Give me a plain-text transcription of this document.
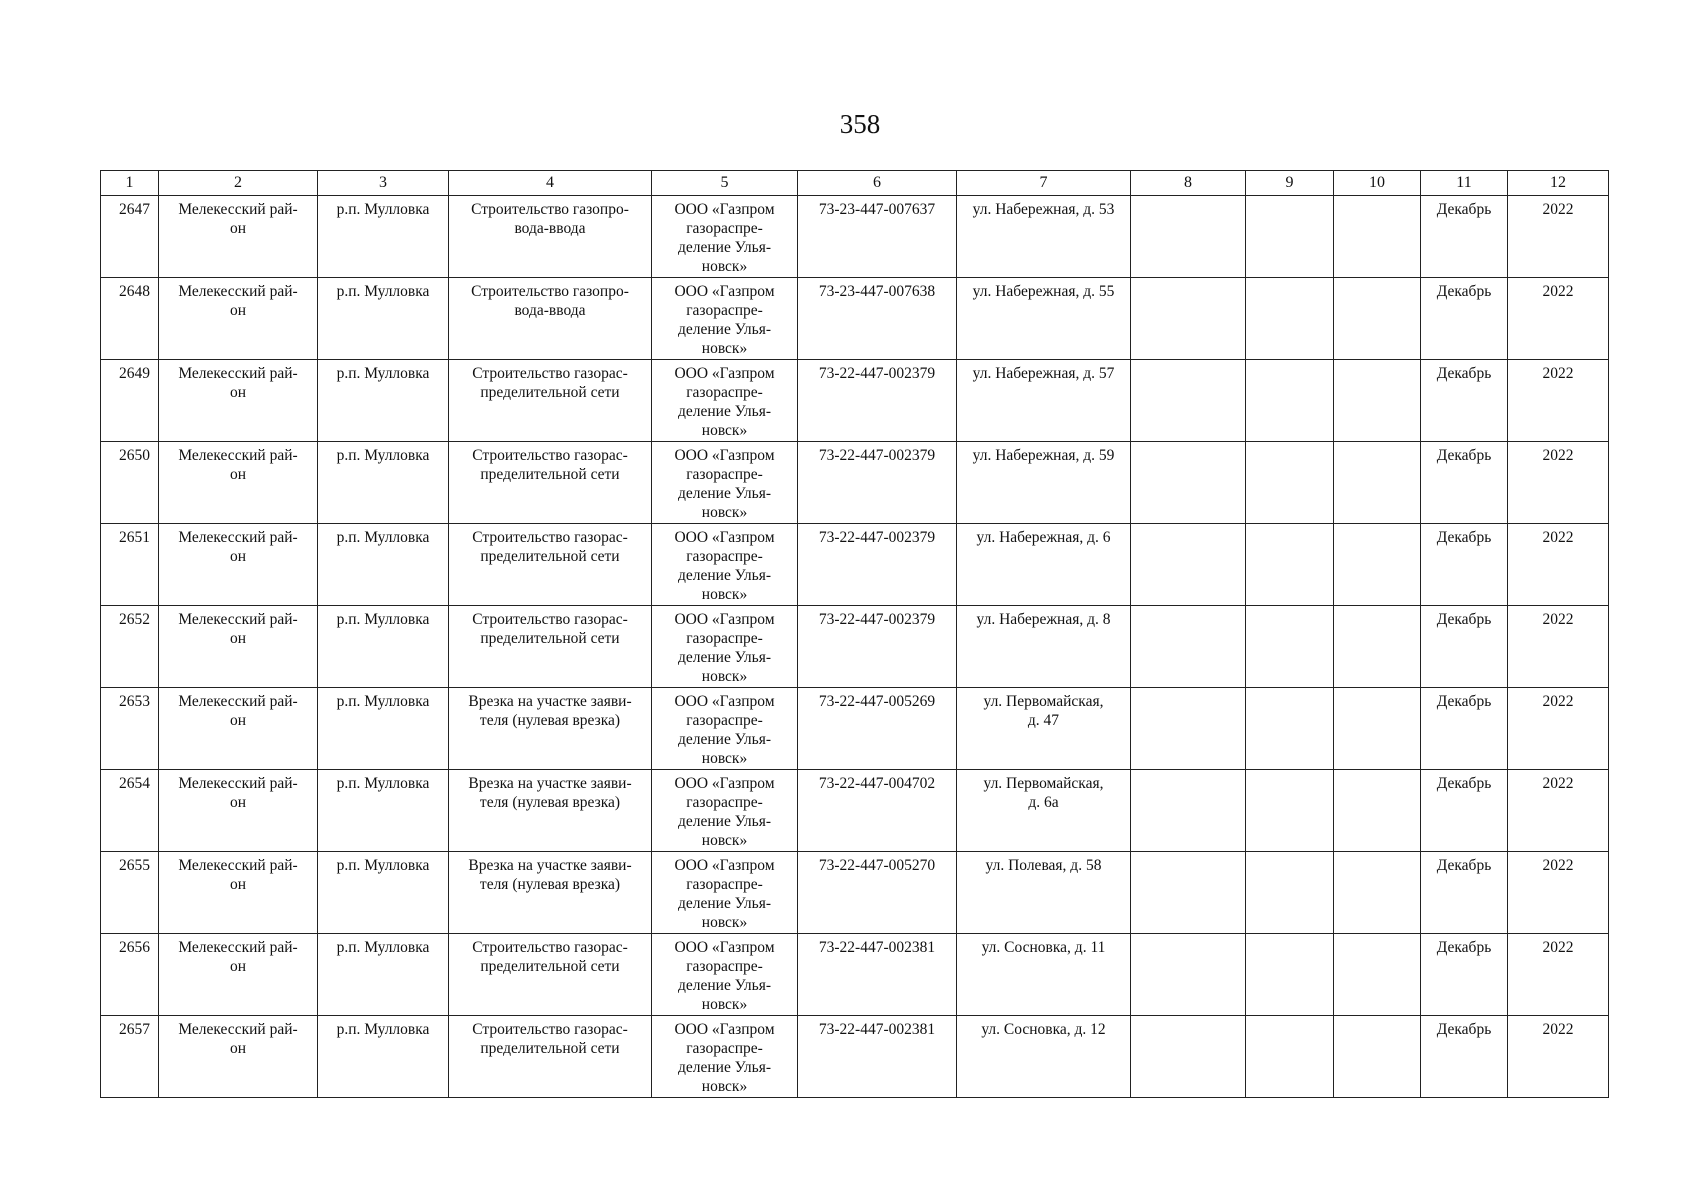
358
1	2	3	4	5	6	7	8	9	10	11	12
2647	Мелекесский рай-
он	р.п. Мулловка	Строительство газопро-
вода-ввода	ООО «Газпром
газораспре-
деление Улья-
новск»	73-23-447-007637	ул. Набережная, д. 53				Декабрь	2022
2648	Мелекесский рай-
он	р.п. Мулловка	Строительство газопро-
вода-ввода	ООО «Газпром
газораспре-
деление Улья-
новск»	73-23-447-007638	ул. Набережная, д. 55				Декабрь	2022
2649	Мелекесский рай-
он	р.п. Мулловка	Строительство газорас-
пределительной сети	ООО «Газпром
газораспре-
деление Улья-
новск»	73-22-447-002379	ул. Набережная, д. 57				Декабрь	2022
2650	Мелекесский рай-
он	р.п. Мулловка	Строительство газорас-
пределительной сети	ООО «Газпром
газораспре-
деление Улья-
новск»	73-22-447-002379	ул. Набережная, д. 59				Декабрь	2022
2651	Мелекесский рай-
он	р.п. Мулловка	Строительство газорас-
пределительной сети	ООО «Газпром
газораспре-
деление Улья-
новск»	73-22-447-002379	ул. Набережная, д. 6				Декабрь	2022
2652	Мелекесский рай-
он	р.п. Мулловка	Строительство газорас-
пределительной сети	ООО «Газпром
газораспре-
деление Улья-
новск»	73-22-447-002379	ул. Набережная, д. 8				Декабрь	2022
2653	Мелекесский рай-
он	р.п. Мулловка	Врезка на участке заяви-
теля (нулевая врезка)	ООО «Газпром
газораспре-
деление Улья-
новск»	73-22-447-005269	ул. Первомайская,
д. 47				Декабрь	2022
2654	Мелекесский рай-
он	р.п. Мулловка	Врезка на участке заяви-
теля (нулевая врезка)	ООО «Газпром
газораспре-
деление Улья-
новск»	73-22-447-004702	ул. Первомайская,
д. 6а				Декабрь	2022
2655	Мелекесский рай-
он	р.п. Мулловка	Врезка на участке заяви-
теля (нулевая врезка)	ООО «Газпром
газораспре-
деление Улья-
новск»	73-22-447-005270	ул. Полевая, д. 58				Декабрь	2022
2656	Мелекесский рай-
он	р.п. Мулловка	Строительство газорас-
пределительной сети	ООО «Газпром
газораспре-
деление Улья-
новск»	73-22-447-002381	ул. Сосновка, д. 11				Декабрь	2022
2657	Мелекесский рай-
он	р.п. Мулловка	Строительство газорас-
пределительной сети	ООО «Газпром
газораспре-
деление Улья-
новск»	73-22-447-002381	ул. Сосновка, д. 12				Декабрь	2022
